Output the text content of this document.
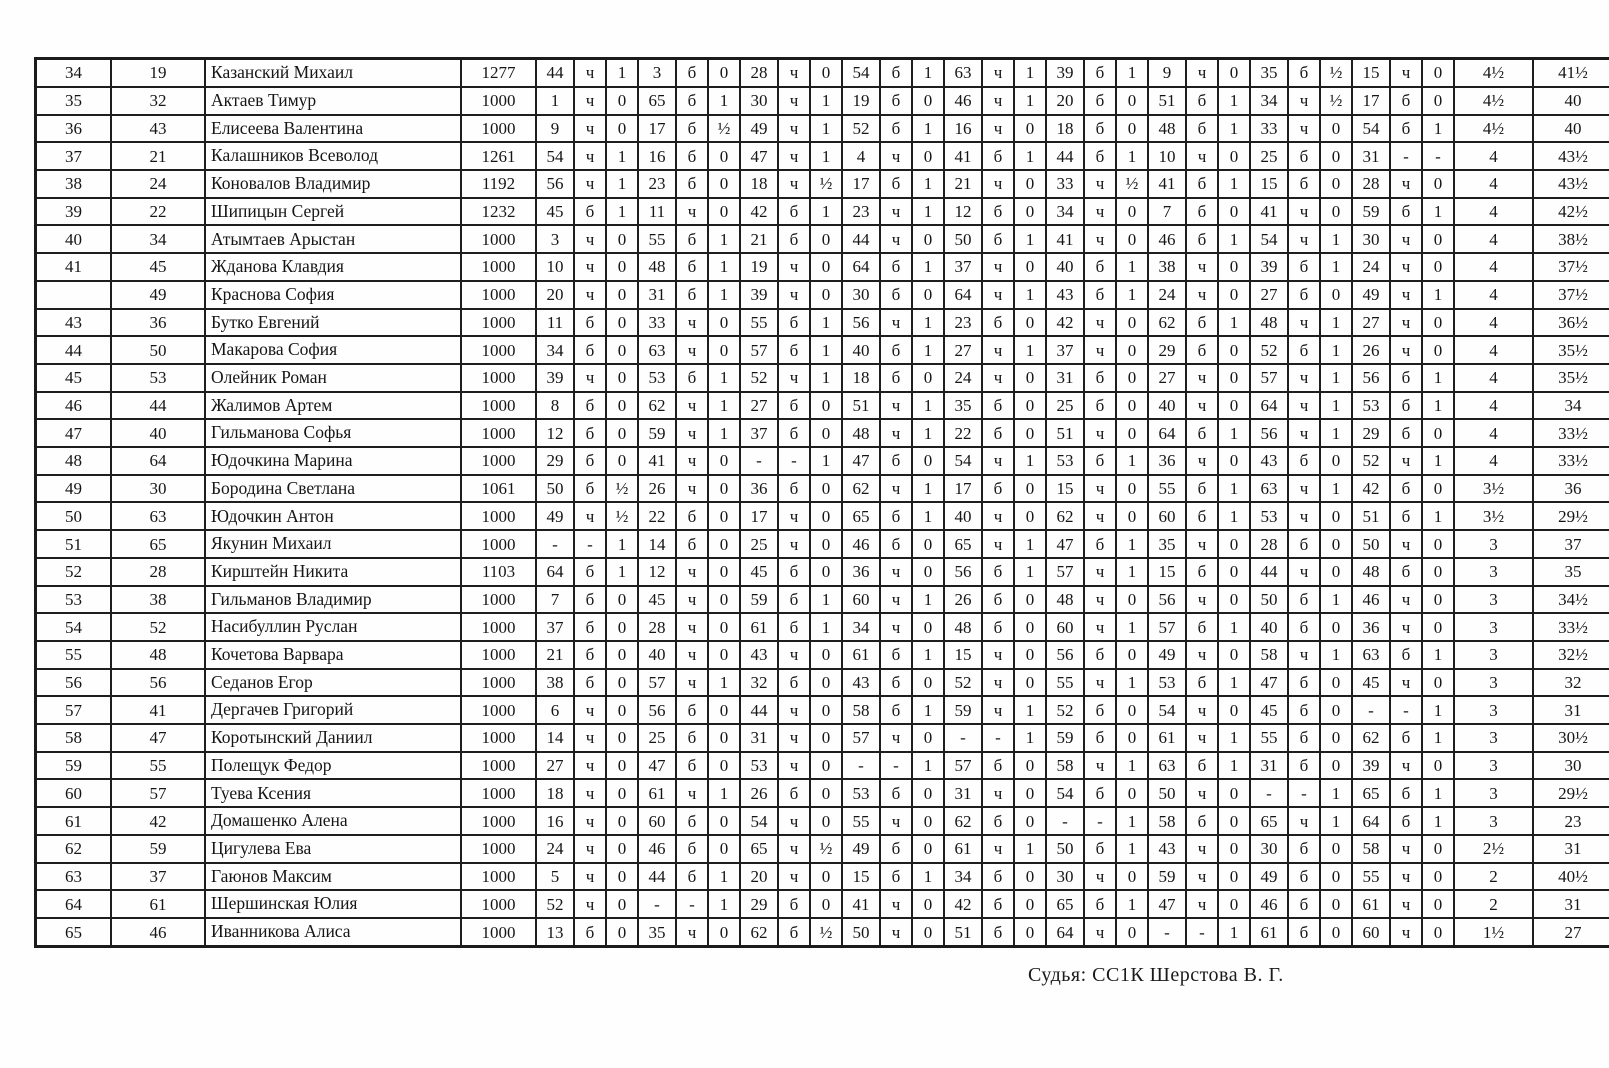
34	19	Казанский Михаил	1277	44	ч	1	3	б	0	28	ч	0	54	б	1	63	ч	1	39	б	1	9	ч	0	35	б	½	15	ч	0	4½	41½
35	32	Актаев Тимур	1000	1	ч	0	65	б	1	30	ч	1	19	б	0	46	ч	1	20	б	0	51	б	1	34	ч	½	17	б	0	4½	40
36	43	Елисеева Валентина	1000	9	ч	0	17	б	½	49	ч	1	52	б	1	16	ч	0	18	б	0	48	б	1	33	ч	0	54	б	1	4½	40
37	21	Калашников Всеволод	1261	54	ч	1	16	б	0	47	ч	1	4	ч	0	41	б	1	44	б	1	10	ч	0	25	б	0	31	-	-	4	43½
38	24	Коновалов Владимир	1192	56	ч	1	23	б	0	18	ч	½	17	б	1	21	ч	0	33	ч	½	41	б	1	15	б	0	28	ч	0	4	43½
39	22	Шипицын Сергей	1232	45	б	1	11	ч	0	42	б	1	23	ч	1	12	б	0	34	ч	0	7	б	0	41	ч	0	59	б	1	4	42½
40	34	Атымтаев Арыстан	1000	3	ч	0	55	б	1	21	б	0	44	ч	0	50	б	1	41	ч	0	46	б	1	54	ч	1	30	ч	0	4	38½
41	45	Жданова Клавдия	1000	10	ч	0	48	б	1	19	ч	0	64	б	1	37	ч	0	40	б	1	38	ч	0	39	б	1	24	ч	0	4	37½
	49	Краснова София	1000	20	ч	0	31	б	1	39	ч	0	30	б	0	64	ч	1	43	б	1	24	ч	0	27	б	0	49	ч	1	4	37½
43	36	Бутко Евгений	1000	11	б	0	33	ч	0	55	б	1	56	ч	1	23	б	0	42	ч	0	62	б	1	48	ч	1	27	ч	0	4	36½
44	50	Макарова София	1000	34	б	0	63	ч	0	57	б	1	40	б	1	27	ч	1	37	ч	0	29	б	0	52	б	1	26	ч	0	4	35½
45	53	Олейник Роман	1000	39	ч	0	53	б	1	52	ч	1	18	б	0	24	ч	0	31	б	0	27	ч	0	57	ч	1	56	б	1	4	35½
46	44	Жалимов Артем	1000	8	б	0	62	ч	1	27	б	0	51	ч	1	35	б	0	25	б	0	40	ч	0	64	ч	1	53	б	1	4	34
47	40	Гильманова Софья	1000	12	б	0	59	ч	1	37	б	0	48	ч	1	22	б	0	51	ч	0	64	б	1	56	ч	1	29	б	0	4	33½
48	64	Юдочкина Марина	1000	29	б	0	41	ч	0	-	-	1	47	б	0	54	ч	1	53	б	1	36	ч	0	43	б	0	52	ч	1	4	33½
49	30	Бородина Светлана	1061	50	б	½	26	ч	0	36	б	0	62	ч	1	17	б	0	15	ч	0	55	б	1	63	ч	1	42	б	0	3½	36
50	63	Юдочкин Антон	1000	49	ч	½	22	б	0	17	ч	0	65	б	1	40	ч	0	62	ч	0	60	б	1	53	ч	0	51	б	1	3½	29½
51	65	Якунин Михаил	1000	-	-	1	14	б	0	25	ч	0	46	б	0	65	ч	1	47	б	1	35	ч	0	28	б	0	50	ч	0	3	37
52	28	Кирштейн Никита	1103	64	б	1	12	ч	0	45	б	0	36	ч	0	56	б	1	57	ч	1	15	б	0	44	ч	0	48	б	0	3	35
53	38	Гильманов Владимир	1000	7	б	0	45	ч	0	59	б	1	60	ч	1	26	б	0	48	ч	0	56	ч	0	50	б	1	46	ч	0	3	34½
54	52	Насибуллин Руслан	1000	37	б	0	28	ч	0	61	б	1	34	ч	0	48	б	0	60	ч	1	57	б	1	40	б	0	36	ч	0	3	33½
55	48	Кочетова Варвара	1000	21	б	0	40	ч	0	43	ч	0	61	б	1	15	ч	0	56	б	0	49	ч	0	58	ч	1	63	б	1	3	32½
56	56	Седанов Егор	1000	38	б	0	57	ч	1	32	б	0	43	б	0	52	ч	0	55	ч	1	53	б	1	47	б	0	45	ч	0	3	32
57	41	Дергачев Григорий	1000	6	ч	0	56	б	0	44	ч	0	58	б	1	59	ч	1	52	б	0	54	ч	0	45	б	0	-	-	1	3	31
58	47	Коротынский Даниил	1000	14	ч	0	25	б	0	31	ч	0	57	ч	0	-	-	1	59	б	0	61	ч	1	55	б	0	62	б	1	3	30½
59	55	Полещук Федор	1000	27	ч	0	47	б	0	53	ч	0	-	-	1	57	б	0	58	ч	1	63	б	1	31	б	0	39	ч	0	3	30
60	57	Туева Ксения	1000	18	ч	0	61	ч	1	26	б	0	53	б	0	31	ч	0	54	б	0	50	ч	0	-	-	1	65	б	1	3	29½
61	42	Домашенко Алена	1000	16	ч	0	60	б	0	54	ч	0	55	ч	0	62	б	0	-	-	1	58	б	0	65	ч	1	64	б	1	3	23
62	59	Цигулева Ева	1000	24	ч	0	46	б	0	65	ч	½	49	б	0	61	ч	1	50	б	1	43	ч	0	30	б	0	58	ч	0	2½	31
63	37	Гаюнов Максим	1000	5	ч	0	44	б	1	20	ч	0	15	б	1	34	б	0	30	ч	0	59	ч	0	49	б	0	55	ч	0	2	40½
64	61	Шершинская Юлия	1000	52	ч	0	-	-	1	29	б	0	41	ч	0	42	б	0	65	б	1	47	ч	0	46	б	0	61	ч	0	2	31
65	46	Иванникова Алиса	1000	13	б	0	35	ч	0	62	б	½	50	ч	0	51	б	0	64	ч	0	-	-	1	61	б	0	60	ч	0	1½	27
Судья: СС1К Шерстова В. Г.
